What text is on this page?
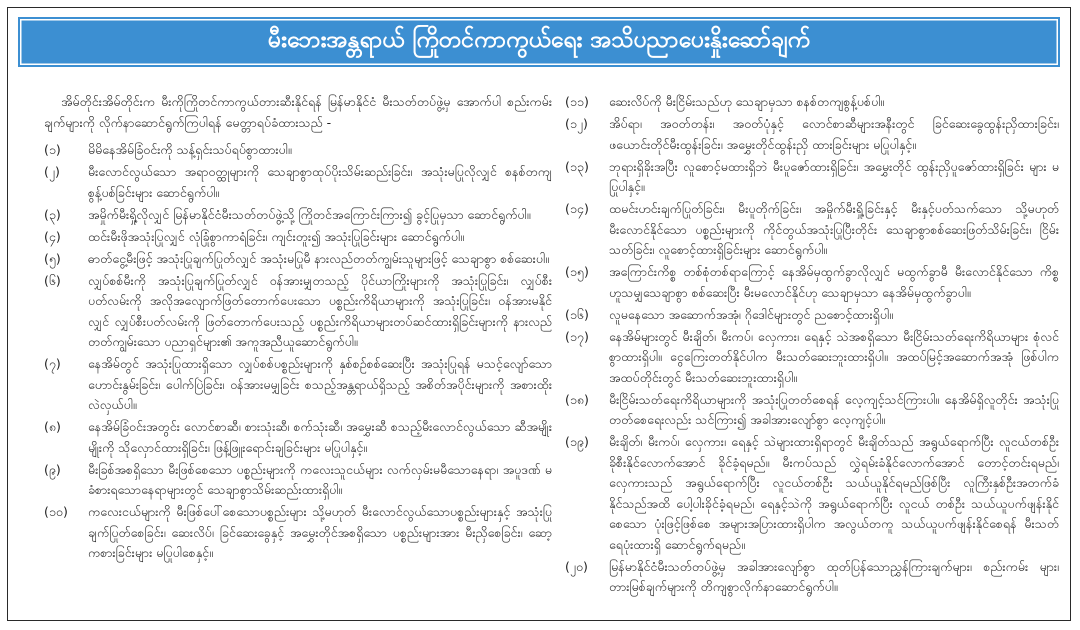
မီးဘေးအန္တရာယ် ကြိုတင်ကာကွယ်ရေး အသိပညာပေးနှိုးဆော်ချက်

အိမ်တိုင်းအိမ်တိုင်းက မီးကိုကြိုတင်ကာကွယ်တားဆီးနိုင်ရန် မြန်မာနိုင်ငံ မီးသတ်တပ်ဖွဲ့မှ အောက်ပါ စည်းကမ်းချက်များကို လိုက်နာဆောင်ရွက်ကြပါရန် မေတ္တာရပ်ခံထားသည် -

(၁)	မိမိနေအိမ်ခြံဝင်းကို သန့်ရှင်းသပ်ရပ်စွာထားပါ။
(၂)	မီးလောင်လွယ်သော အရာဝတ္ထုများကို သေချာစွာထုပ်ပိုးသိမ်းဆည်းခြင်း၊ အသုံးမပြုလိုလျှင် စနစ်တကျ စွန့်ပစ်ခြင်းများ ဆောင်ရွက်ပါ။
(၃)	အမှိုက်မီးရှို့လိုလျှင် မြန်မာနိုင်ငံမီးသတ်တပ်ဖွဲ့သို့ ကြိုတင်အကြောင်းကြား၍ ခွင့်ပြုမှသာ ဆောင်ရွက်ပါ။
(၄)	ထင်းမီးဖိုအသုံးပြုလျှင် လုံခြုံစွာကာရံခြင်း၊ ကျင်းတူး၍ အသုံးပြုခြင်းများ ဆောင်ရွက်ပါ။
(၅)	ဓာတ်ငွေ့မီးဖြင့် အသုံးပြုချက်ပြုတ်လျှင် အသုံးမပြုမီ နားလည်တတ်ကျွမ်းသူများဖြင့် သေချာစွာ စစ်ဆေးပါ။
(၆)	လျှပ်စစ်မီးကို အသုံးပြုချက်ပြုတ်လျှင် ဝန်အားမျှတသည့် ပိုင်ယာကြိုးများကို အသုံးပြုခြင်း၊ လျှပ်စီးပတ်လမ်းကို အလိုအလျောက်ဖြတ်တောက်ပေးသော ပစ္စည်းကိရိယာများကို အသုံးပြုခြင်း၊ ဝန်အားမနိုင်လျှင် လျှပ်စီးပတ်လမ်းကို ဖြတ်တောက်ပေးသည့် ပစ္စည်းကိရိယာများတပ်ဆင်ထားရှိခြင်းများကို နားလည်တတ်ကျွမ်းသော ပညာရှင်များ၏ အကူအညီယူဆောင်ရွက်ပါ။
(၇)	နေအိမ်တွင် အသုံးပြုထားရှိသော လျှပ်စစ်ပစ္စည်းများကို နှစ်စဉ်စစ်ဆေးပြီး အသုံးပြုရန် မသင့်လျော်သော ဟောင်းနွမ်းခြင်း၊ ပေါက်ပြဲခြင်း၊ ဝန်အားမမျှခြင်း စသည့်အန္တရာယ်ရှိသည့် အစိတ်အပိုင်းများကို အစားထိုးလဲလှယ်ပါ။
(၈)	နေအိမ်ခြံဝင်းအတွင်း လောင်စာဆီ၊ စားသုံးဆီ၊ စက်သုံးဆီ၊ အမွှေးဆီ စသည့်မီးလောင်လွယ်သော ဆီအမျိုးမျိုးကို သိုလှောင်ထားရှိခြင်း၊ ဖြန့်ဖြူးရောင်းချခြင်းများ မပြုပါနှင့်။
(၉)	မီးခြစ်အစရှိသော မီးဖြစ်စေသော ပစ္စည်းများကို ကလေးသူငယ်များ လက်လှမ်းမမီသောနေရာ၊ အပူဒဏ် မခံစားရသောနေရာများတွင် သေချာစွာသိမ်းဆည်းထားရှိပါ။
(၁၀)	ကလေးငယ်များကို မီးဖြစ်ပေါ်စေသောပစ္စည်းများ သို့မဟုတ် မီးလောင်လွယ်သောပစ္စည်းများနှင့် အသုံးပြု ချက်ပြုတ်စေခြင်း၊ ဆေးလိပ်၊ ခြင်ဆေးခွေနှင့် အမွှေးတိုင်အစရှိသော ပစ္စည်းများအား မီးညှိစေခြင်း၊ ဆော့ကစားခြင်းများ မပြုပါစေနှင့်။
(၁၁)	ဆေးလိပ်ကို မီးငြိမ်းသည်ဟု သေချာမှသာ စနစ်တကျစွန့်ပစ်ပါ။
(၁၂)	အိပ်ရာ၊ အဝတ်တန်း၊ အဝတ်ပုံနှင့် လောင်စာဆီများအနီးတွင် ခြင်ဆေးခွေထွန်းညှိထားခြင်း၊ ဖယောင်းတိုင်မီးထွန်းခြင်း၊ အမွှေးတိုင်ထွန်းညှိ ထားခြင်းများ မပြုပါနှင့်။
(၁၃)	ဘုရားရှိခိုးအပြီး လူစောင့်မထားရှိဘဲ မီးပူဇော်ထားရှိခြင်း၊ အမွှေးတိုင် ထွန်းညှိပူဇော်ထားရှိခြင်း များ မပြုပါနှင့်။
(၁၄)	ထမင်းဟင်းချက်ပြုတ်ခြင်း၊ မီးပူတိုက်ခြင်း၊ အမှိုက်မီးရှို့ခြင်းနှင့် မီးနှင့်ပတ်သက်သော သို့မဟုတ် မီးလောင်နိုင်သော ပစ္စည်းများကို ကိုင်တွယ်အသုံးပြုပြီးတိုင်း သေချာစွာစစ်ဆေးဖြတ်သိမ်းခြင်း၊ ငြိမ်းသတ်ခြင်း၊ လူစောင့်ထားရှိခြင်းများ ဆောင်ရွက်ပါ။
(၁၅)	အကြောင်းကိစ္စ တစ်စုံတစ်ရာကြောင့် နေအိမ်မှထွက်ခွာလိုလျှင် မထွက်ခွာမီ မီးလောင်နိုင်သော ကိစ္စဟူသမျှသေချာစွာ စစ်ဆေးပြီး မီးမလောင်နိုင်ဟု သေချာမှသာ နေအိမ်မှထွက်ခွာပါ။
(၁၆)	လူမနေသော အဆောက်အအုံ၊ ဂိုဒေါင်များတွင် ညစောင့်ထားရှိပါ။
(၁၇)	နေအိမ်များတွင် မီးချိတ်၊ မီးကပ်၊ လှေကား၊ ရေနှင့် သဲအစရှိသော မီးငြိမ်းသတ်ရေးကိရိယာများ စုံလင်စွာထားရှိပါ။ ငွေကြေးတတ်နိုင်ပါက မီးသတ်ဆေးဘူးထားရှိပါ။ အထပ်မြင့်အဆောက်အအုံ ဖြစ်ပါက အထပ်တိုင်းတွင် မီးသတ်ဆေးဘူးထားရှိပါ။
(၁၈)	မီးငြိမ်းသတ်ရေးကိရိယာများကို အသုံးပြုတတ်စေရန် လေ့ကျင့်သင်ကြားပါ။ နေအိမ်ရှိလူတိုင်း အသုံးပြုတတ်စေရေးလည်း သင်ကြား၍ အခါအားလျော်စွာ လေ့ကျင့်ပါ။
(၁၉)	မီးချိတ်၊ မီးကပ်၊ လှေကား၊ ရေနှင့် သဲများထားရှိရာတွင် မီးချိတ်သည် အရွယ်ရောက်ပြီး လူငယ်တစ်ဦး ခိုစီးနိုင်လောက်အောင် ခိုင်ခံ့ရမည်။ မီးကပ်သည် လွှဲရမ်းခံနိုင်လောက်အောင် တောင့်တင်းရမည်၊ လှေကားသည် အရွယ်ရောက်ပြီး လူငယ်တစ်ဦး သယ်ယူနိုင်ရမည်ဖြစ်ပြီး လူကြီးနှစ်ဦးအတက်ခံနိုင်သည်အထိ ပေါ့ပါးခိုင်ခံ့ရမည်၊ ရေနှင့်သဲကို အရွယ်ရောက်ပြီး လူငယ် တစ်ဦး သယ်ယူပက်ဖျန်းနိုင်စေသော ပုံးဖြင့်ဖြစ်စေ အများအပြားထားရှိပါက အလွယ်တကူ သယ်ယူပက်ဖျန်းနိုင်စေရန် မီးသတ်ရေပုံးထားရှိ ဆောင်ရွက်ရမည်။
(၂၀)	မြန်မာနိုင်ငံမီးသတ်တပ်ဖွဲ့မှ အခါအားလျော်စွာ ထုတ်ပြန်သောညွှန်ကြားချက်များ၊ စည်းကမ်း များ၊ တားမြစ်ချက်များကို တိကျစွာလိုက်နာဆောင်ရွက်ပါ။
